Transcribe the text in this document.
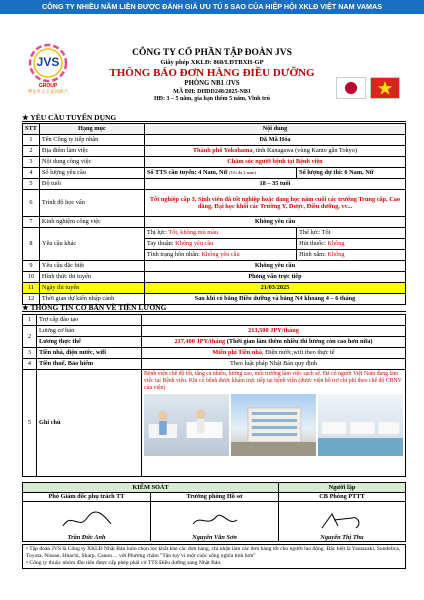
CÔNG TY NHIỀU NĂM LIỀN ĐƯỢC ĐÁNH GIÁ ƯU TÚ 5 SAO CỦA HIỆP HỘI XKLĐ VIỆT NAM VAMAS
JVS
GROUP
夢を叶える協同組合
CÔNG TY CỔ PHẦN TẬP ĐOÀN JVS
Giấy phép XKLĐ: 868/LĐTBXH-GP
THÔNG BÁO ĐƠN HÀNG ĐIỀU DƯỠNG
PHÒNG NB1 /JVS
MÃ ĐH: DHDD248/2025-NB1
HĐ: 3 – 5 năm, gia hạn thêm 5 năm, Vĩnh trú
★ YÊU CẦU TUYỂN DỤNG
STT	Hạng mục	Nội dung	
1	Tên Công ty tiếp nhận	Đã Mã Hóa	
2	Địa điểm làm việc	Thành phố Yokohama, tỉnh Kanagawa (vùng Kanto gần Tokyo)	
3	Nội dung công việc	Chăm sóc người bệnh tại Bệnh viện	
4	Số lượng yêu cầu	Số TTS cần tuyển: 4 Nam, Nữ (Tối đa 2 nam)	Số lượng dự thi: 6 Nam, Nữ
5	Độ tuổi	18 – 35 tuổi	
6	Trình độ học vấn	Tốt nghiệp cấp 3, Sinh viên đã tốt nghiệp hoặc đang học năm cuối các trường Trung cấp, Cao đẳng, Đại học khối các Trường Y, Dược, Điều dưỡng, vv...	
7	Kinh nghiệm công việc	Không yêu cầu	
8	Yêu cầu khác	Thị lực: Tốt, không mù màu	Thể lực: Tốt
		Tay thuận: Không yêu cầu	Hút thuốc: Không
		Tình trạng hôn nhân: Không yêu cầu	Hình xăm: Không
9	Yêu cầu đặc biệt	Không yêu cầu	
10	Hình thức thi tuyển	Phỏng vấn trực tiếp	
11	Ngày thi tuyển	21/03/2025	
12	Thời gian dự kiến nhập cảnh	Sau khi có bằng Điều dưỡng và bằng N4 khoảng 4 – 6 tháng	
★ THÔNG TIN CƠ BẢN VỀ TIỀN LƯƠNG
1	Trợ cấp đào tạo	
2	Lương cơ bản	213,500 JPY/tháng
	Lương thực thế	217,400 JPY/tháng (Thời gian làm thêm nhiều thì lương còn cao hơn nữa)
3	Tiền nhà, điện nước, wifi	Miễn phí Tiền nhà, Điện nước,wifi theo thực tế
4	Tiền thuế, Bảo hiểm	Theo luật pháp Nhật Bản quy định
5	Ghi chú	Bệnh viện chế độ tốt, tăng ca nhiều, lương cao, môi trường làm việc sạch sẽ. Đã có người Việt Nam đang làm việc tại Bệnh viện. Khi có bệnh được khám trực tiếp tại bệnh viện (được viện hỗ trợ chi phí theo chế độ CBNV của viện)
KIỂM SOÁT		Người lập
Phó Giám đốc phụ trách TT	Trưởng phòng Hồ sơ	CB Phòng PTTT

Trần Đức Anh	Nguyễn Văn Sơn	Nguyễn Thị Thu
• Tập đoàn JVS là Công ty XKLĐ Nhật Bản luôn chọn lọc khắt khe các đơn hàng, chỉ nhận làm các đơn hàng tốt cho người lao động. Đặc biệt là Yamazaki, Sundelica, Toyota, Nissan, Hitachi, Sharp, Canon… với Phương châm "Tận tụy vì một cuộc sống nghĩa tình hơn"
• Công ty thuộc nhóm đầu tiên được cấp phép phái cử TTS Điều dưỡng sang Nhật Bản.
